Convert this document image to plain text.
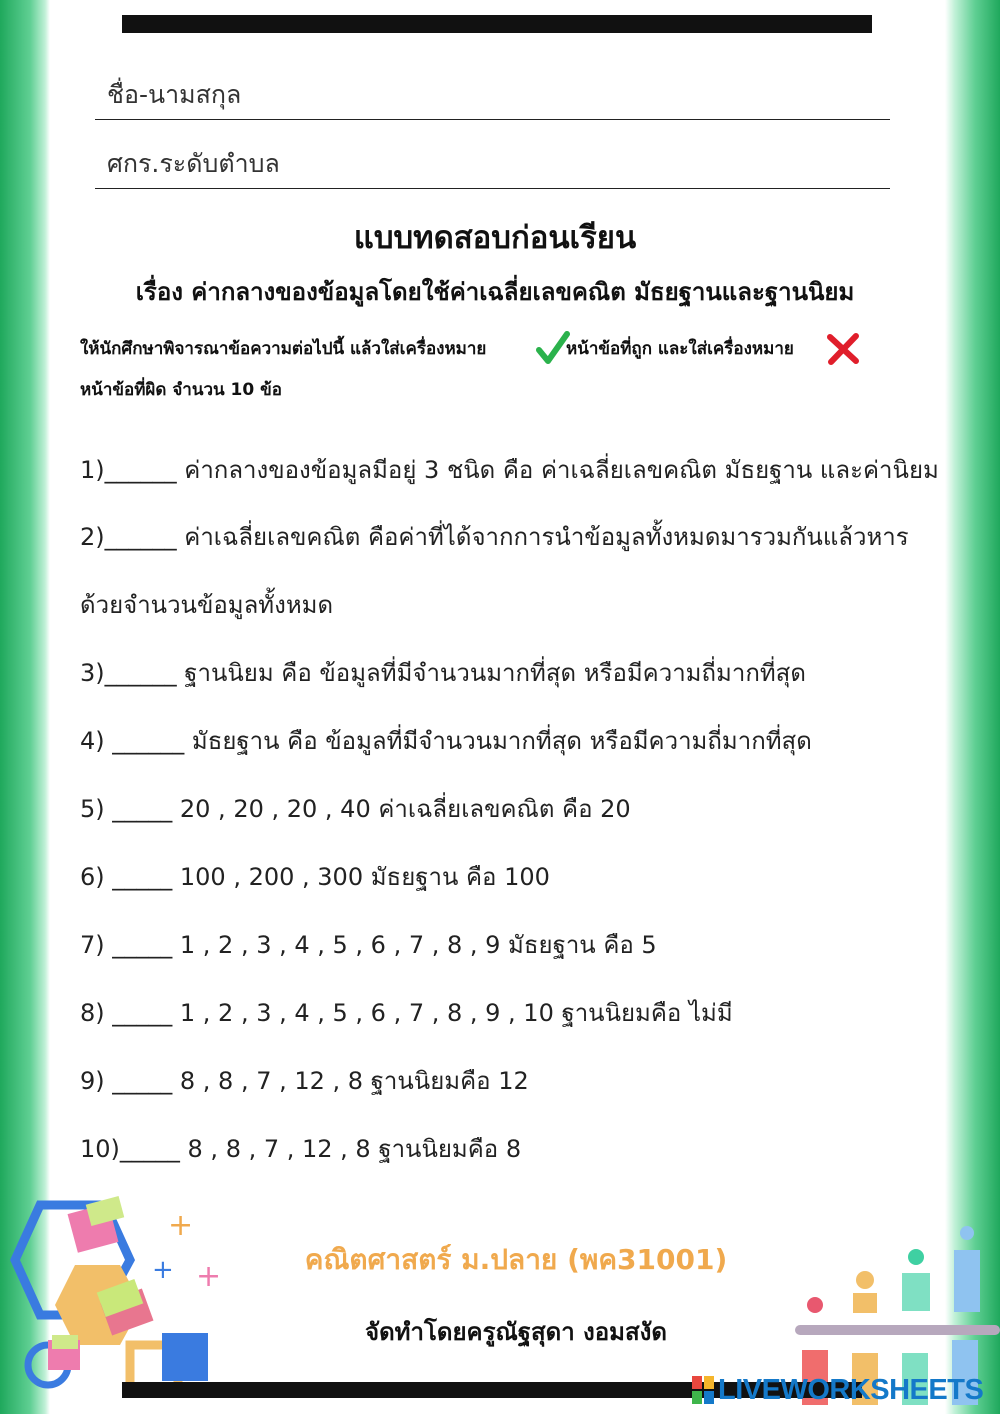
ชื่อ-นามสกุล
ศกร.ระดับตำบล
แบบทดสอบก่อนเรียน
เรื่อง ค่ากลางของข้อมูลโดยใช้ค่าเฉลี่ยเลขคณิต มัธยฐานและฐานนิยม
ให้นักศึกษาพิจารณาข้อความต่อไปนี้ แล้วใส่เครื่องหมาย	หน้าข้อที่ถูก และใส่เครื่องหมาย
หน้าข้อที่ผิด จำนวน 10 ข้อ
1)______ ค่ากลางของข้อมูลมีอยู่ 3 ชนิด คือ ค่าเฉลี่ยเลขคณิต มัธยฐาน และค่านิยม
2)______ ค่าเฉลี่ยเลขคณิต คือค่าที่ได้จากการนำข้อมูลทั้งหมดมารวมกันแล้วหาร
ด้วยจำนวนข้อมูลทั้งหมด
3)______ ฐานนิยม คือ ข้อมูลที่มีจำนวนมากที่สุด หรือมีความถี่มากที่สุด
4) ______ มัธยฐาน คือ ข้อมูลที่มีจำนวนมากที่สุด หรือมีความถี่มากที่สุด
5) _____ 20 , 20 , 20 , 40 ค่าเฉลี่ยเลขคณิต คือ 20
6) _____ 100 , 200 , 300 มัธยฐาน คือ 100
7) _____ 1 , 2 , 3 , 4 , 5 , 6 , 7 , 8 , 9 มัธยฐาน คือ 5
8) _____ 1 , 2 , 3 , 4 , 5 , 6 , 7 , 8 , 9 , 10 ฐานนิยมคือ ไม่มี
9) _____ 8 , 8 , 7 , 12 , 8 ฐานนิยมคือ 12
10)_____ 8 , 8 , 7 , 12 , 8 ฐานนิยมคือ 8
+
+ +	คณิตศาสตร์ ม.ปลาย (พค31001)
จัดทำโดยครูณัฐสุดา งอมสงัด
LIVEWORKSHEETS
